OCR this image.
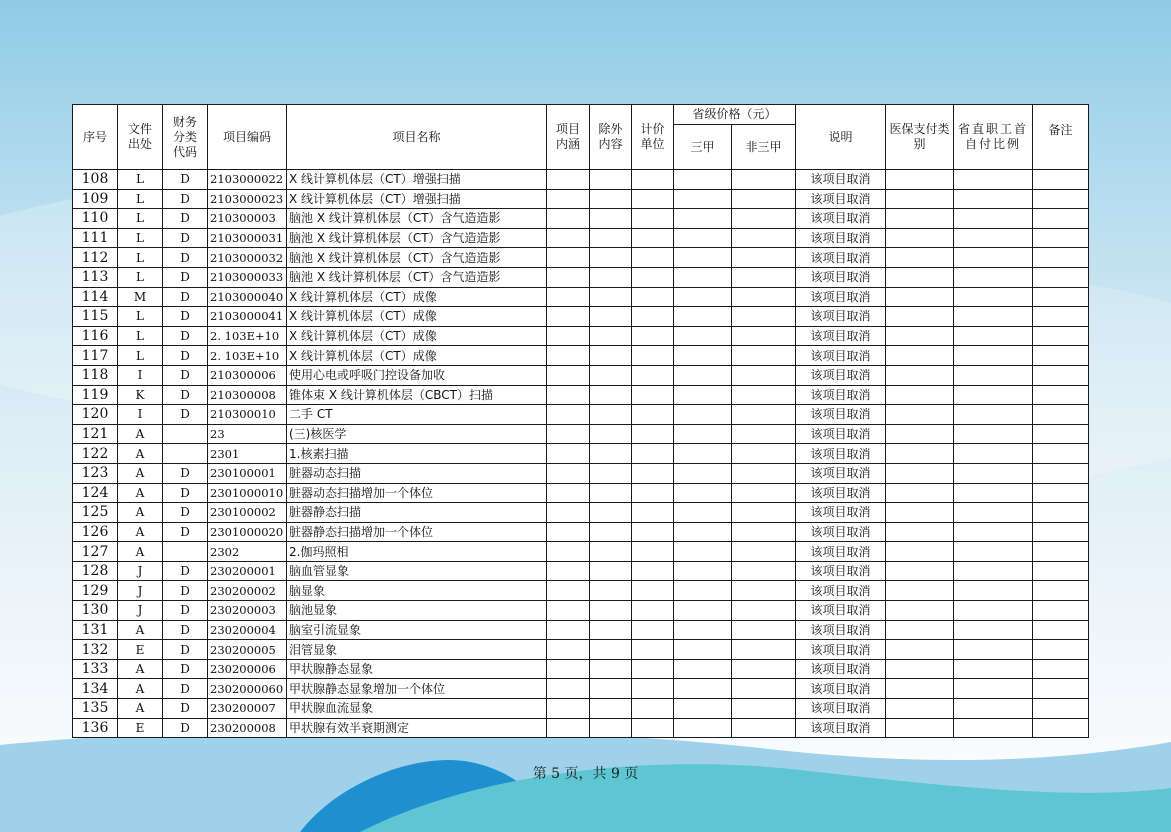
序号	文件出处	财务分类代码	项目编码	项目名称	项目内涵	除外内容	计价单位	省级价格（元）		说明	医保支付类别	省直职工首自付比例	备注
								三甲	非三甲				
108	L	D	2103000022	X 线计算机体层（CT）增强扫描						该项目取消			
109	L	D	2103000023	X 线计算机体层（CT）增强扫描						该项目取消			
110	L	D	210300003	脑池 X 线计算机体层（CT）含气造造影						该项目取消			
111	L	D	2103000031	脑池 X 线计算机体层（CT）含气造造影						该项目取消			
112	L	D	2103000032	脑池 X 线计算机体层（CT）含气造造影						该项目取消			
113	L	D	2103000033	脑池 X 线计算机体层（CT）含气造造影						该项目取消			
114	M	D	2103000040	X 线计算机体层（CT）成像						该项目取消			
115	L	D	2103000041	X 线计算机体层（CT）成像						该项目取消			
116	L	D	2. 103E+10	X 线计算机体层（CT）成像						该项目取消			
117	L	D	2. 103E+10	X 线计算机体层（CT）成像						该项目取消			
118	I	D	210300006	使用心电或呼吸门控设备加收						该项目取消			
119	K	D	210300008	锥体束 X 线计算机体层（CBCT）扫描						该项目取消			
120	I	D	210300010	二手 CT						该项目取消			
121	A		23	(三)核医学						该项目取消			
122	A		2301	1.核素扫描						该项目取消			
123	A	D	230100001	脏器动态扫描						该项目取消			
124	A	D	2301000010	脏器动态扫描增加一个体位						该项目取消			
125	A	D	230100002	脏器静态扫描						该项目取消			
126	A	D	2301000020	脏器静态扫描增加一个体位						该项目取消			
127	A		2302	2.伽玛照相						该项目取消			
128	J	D	230200001	脑血管显象						该项目取消			
129	J	D	230200002	脑显象						该项目取消			
130	J	D	230200003	脑池显象						该项目取消			
131	A	D	230200004	脑室引流显象						该项目取消			
132	E	D	230200005	泪管显象						该项目取消			
133	A	D	230200006	甲状腺静态显象						该项目取消			
134	A	D	2302000060	甲状腺静态显象增加一个体位						该项目取消			
135	A	D	230200007	甲状腺血流显象						该项目取消			
136	E	D	230200008	甲状腺有效半衰期测定						该项目取消			
第 5 页，共 9 页
